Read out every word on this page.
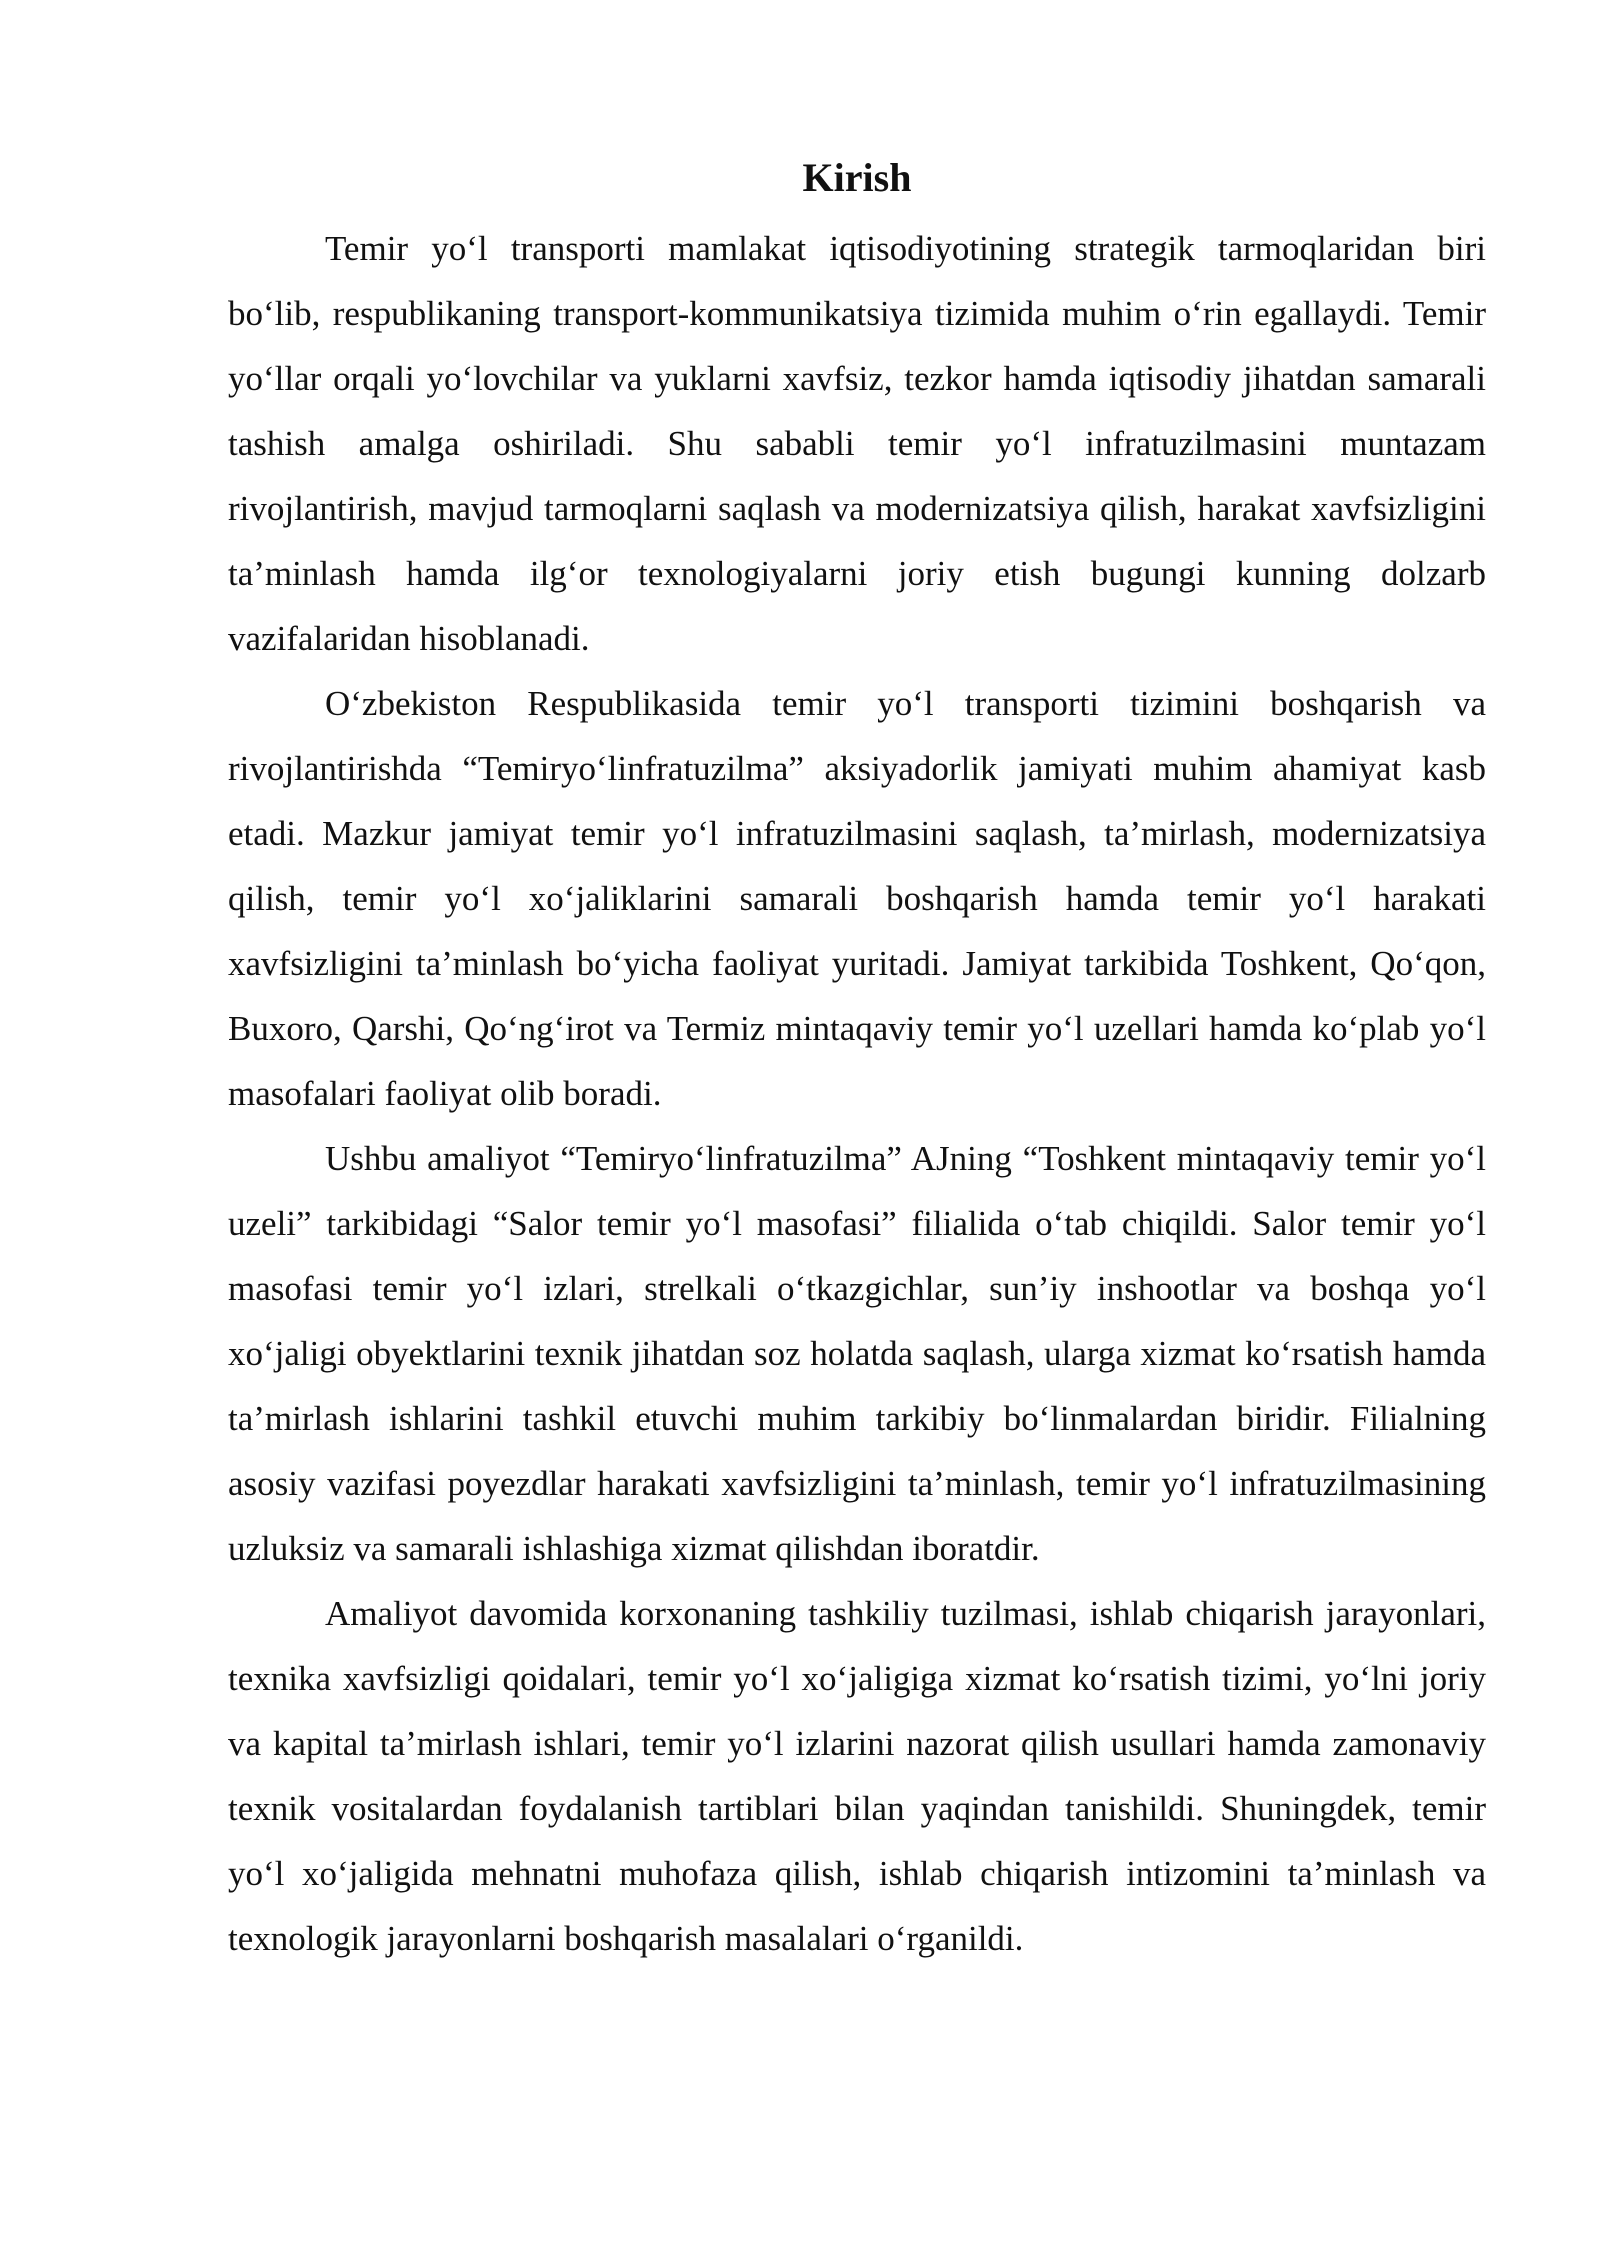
Kirish

Temir yo‘l transporti mamlakat iqtisodiyotining strategik tarmoqlaridan biri bo‘lib, respublikaning transport-kommunikatsiya tizimida muhim o‘rin egallaydi. Temir yo‘llar orqali yo‘lovchilar va yuklarni xavfsiz, tezkor hamda iqtisodiy jihatdan samarali tashish amalga oshiriladi. Shu sababli temir yo‘l infratuzilmasini muntazam rivojlantirish, mavjud tarmoqlarni saqlash va modernizatsiya qilish, harakat xavfsizligini ta’minlash hamda ilg‘or texnologiyalarni joriy etish bugungi kunning dolzarb vazifalaridan hisoblanadi.

O‘zbekiston Respublikasida temir yo‘l transporti tizimini boshqarish va rivojlantirishda “Temiryo‘linfratuzilma” aksiyadorlik jamiyati muhim ahamiyat kasb etadi. Mazkur jamiyat temir yo‘l infratuzilmasini saqlash, ta’mirlash, modernizatsiya qilish, temir yo‘l xo‘jaliklarini samarali boshqarish hamda temir yo‘l harakati xavfsizligini ta’minlash bo‘yicha faoliyat yuritadi. Jamiyat tarkibida Toshkent, Qo‘qon, Buxoro, Qarshi, Qo‘ng‘irot va Termiz mintaqaviy temir yo‘l uzellari hamda ko‘plab yo‘l masofalari faoliyat olib boradi.

Ushbu amaliyot “Temiryo‘linfratuzilma” AJning “Toshkent mintaqaviy temir yo‘l uzeli” tarkibidagi “Salor temir yo‘l masofasi” filialida o‘tab chiqildi. Salor temir yo‘l masofasi temir yo‘l izlari, strelkali o‘tkazgichlar, sun’iy inshootlar va boshqa yo‘l xo‘jaligi obyektlarini texnik jihatdan soz holatda saqlash, ularga xizmat ko‘rsatish hamda ta’mirlash ishlarini tashkil etuvchi muhim tarkibiy bo‘linmalardan biridir. Filialning asosiy vazifasi poyezdlar harakati xavfsizligini ta’minlash, temir yo‘l infratuzilmasining uzluksiz va samarali ishlashiga xizmat qilishdan iboratdir.

Amaliyot davomida korxonaning tashkiliy tuzilmasi, ishlab chiqarish jarayonlari, texnika xavfsizligi qoidalari, temir yo‘l xo‘jaligiga xizmat ko‘rsatish tizimi, yo‘lni joriy va kapital ta’mirlash ishlari, temir yo‘l izlarini nazorat qilish usullari hamda zamonaviy texnik vositalardan foydalanish tartiblari bilan yaqindan tanishildi. Shuningdek, temir yo‘l xo‘jaligida mehnatni muhofaza qilish, ishlab chiqarish intizomini ta’minlash va texnologik jarayonlarni boshqarish masalalari o‘rganildi.
